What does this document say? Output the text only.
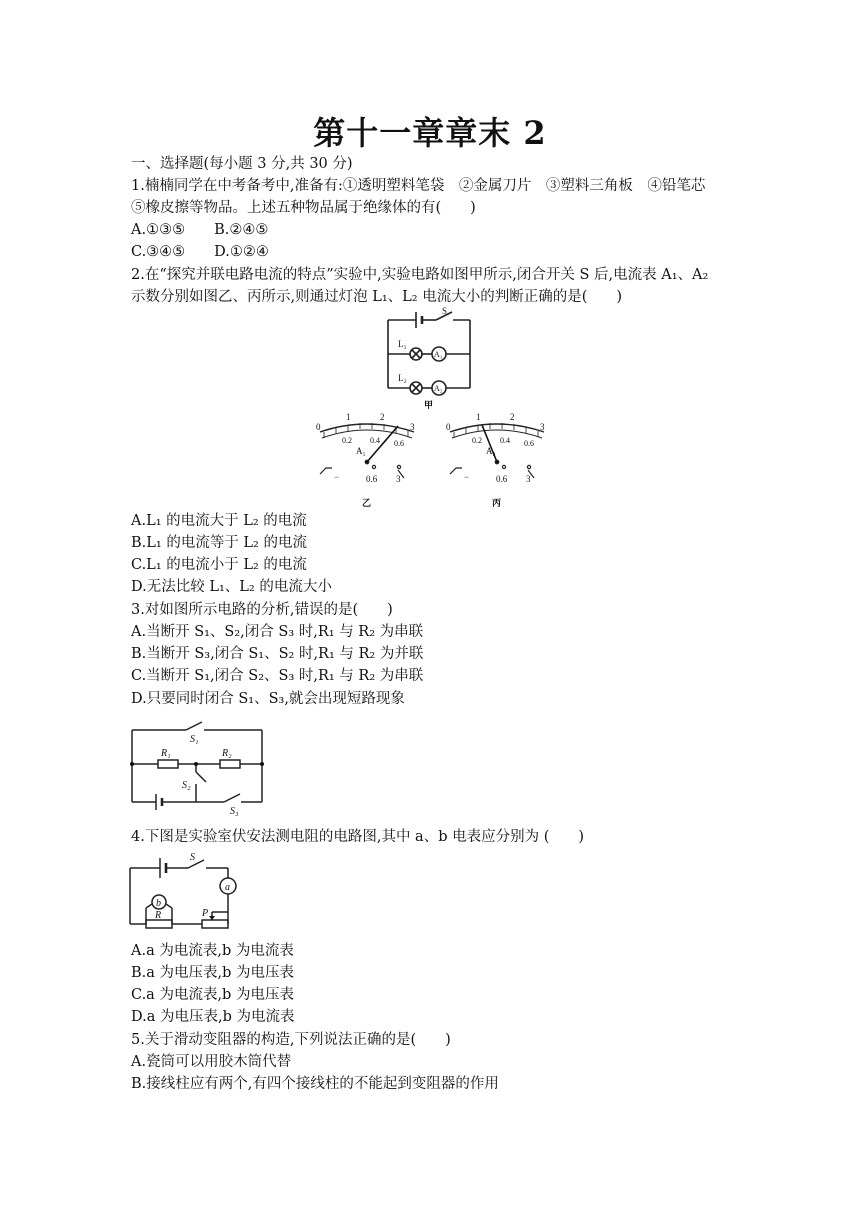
第十一章章末 2
一、选择题(每小题 3 分,共 30 分)
1.楠楠同学在中考备考中,准备有:①透明塑料笔袋　②金属刀片　③塑料三角板　④铅笔芯
⑤橡皮擦等物品。上述五种物品属于绝缘体的有(　　)
A.①③⑤　　B.②④⑤
C.③④⑤　　D.①②④
2.在“探究并联电路电流的特点”实验中,实验电路如图甲所示,闭合开关 S 后,电流表 A₁、A₂
示数分别如图乙、丙所示,则通过灯泡 L₁、L₂ 电流大小的判断正确的是(　　)
S
L₁
A₁
L₂
A₂
甲
0
1	2
3
0.2 0.4 0.6
A₁
−	0.6 3
乙
0
1	2
3
0.2 0.4 0.6
A₂
−	0.6 3
丙
A.L₁ 的电流大于 L₂ 的电流
B.L₁ 的电流等于 L₂ 的电流
C.L₁ 的电流小于 L₂ 的电流
D.无法比较 L₁、L₂ 的电流大小
3.对如图所示电路的分析,错误的是(　　)
A.当断开 S₁、S₂,闭合 S₃ 时,R₁ 与 R₂ 为串联
B.当断开 S₃,闭合 S₁、S₂ 时,R₁ 与 R₂ 为并联
C.当断开 S₁,闭合 S₂、S₃ 时,R₁ 与 R₂ 为串联
D.只要同时闭合 S₁、S₃,就会出现短路现象
S₁
R₁	R₂
S₂
S₃
4.下图是实验室伏安法测电阻的电路图,其中 a、b 电表应分别为 (　　)
S
a
b
R	P
A.a 为电流表,b 为电流表
B.a 为电压表,b 为电压表
C.a 为电流表,b 为电压表
D.a 为电压表,b 为电流表
5.关于滑动变阻器的构造,下列说法正确的是(　　)
A.瓷筒可以用胶木筒代替
B.接线柱应有两个,有四个接线柱的不能起到变阻器的作用
